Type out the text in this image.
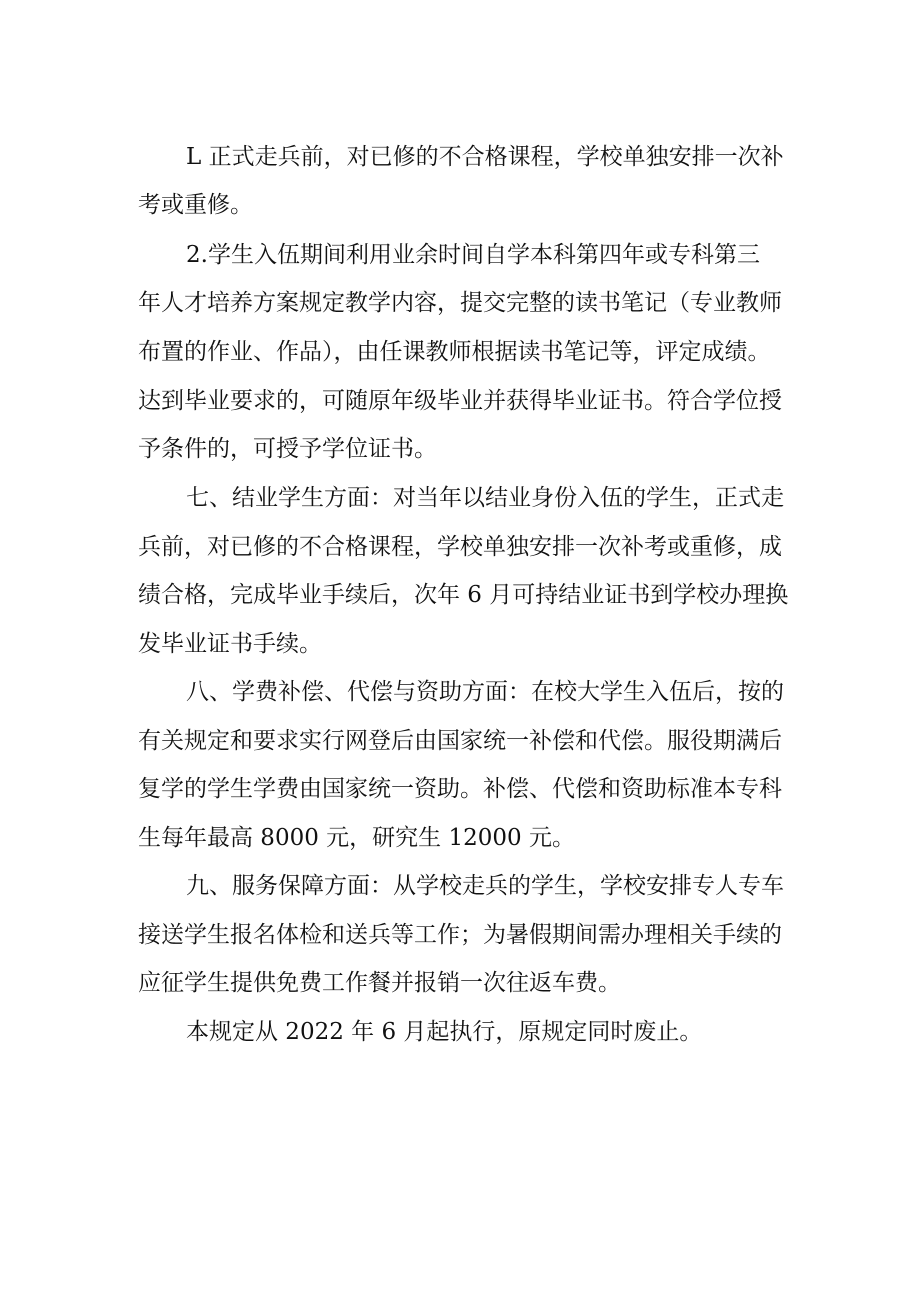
L 正式走兵前，对已修的不合格课程，学校单独安排一次补
考或重修。
2.学生入伍期间利用业余时间自学本科第四年或专科第三
年人才培养方案规定教学内容，提交完整的读书笔记（专业教师
布置的作业、作品），由任课教师根据读书笔记等，评定成绩。
达到毕业要求的，可随原年级毕业并获得毕业证书。符合学位授
予条件的，可授予学位证书。
七、结业学生方面：对当年以结业身份入伍的学生，正式走
兵前，对已修的不合格课程，学校单独安排一次补考或重修，成
绩合格，完成毕业手续后，次年 6 月可持结业证书到学校办理换
发毕业证书手续。
八、学费补偿、代偿与资助方面：在校大学生入伍后，按的
有关规定和要求实行网登后由国家统一补偿和代偿。服役期满后
复学的学生学费由国家统一资助。补偿、代偿和资助标准本专科
生每年最高 8000 元，研究生 12000 元。
九、服务保障方面：从学校走兵的学生，学校安排专人专车
接送学生报名体检和送兵等工作；为暑假期间需办理相关手续的
应征学生提供免费工作餐并报销一次往返车费。
本规定从 2022 年 6 月起执行，原规定同时废止。
